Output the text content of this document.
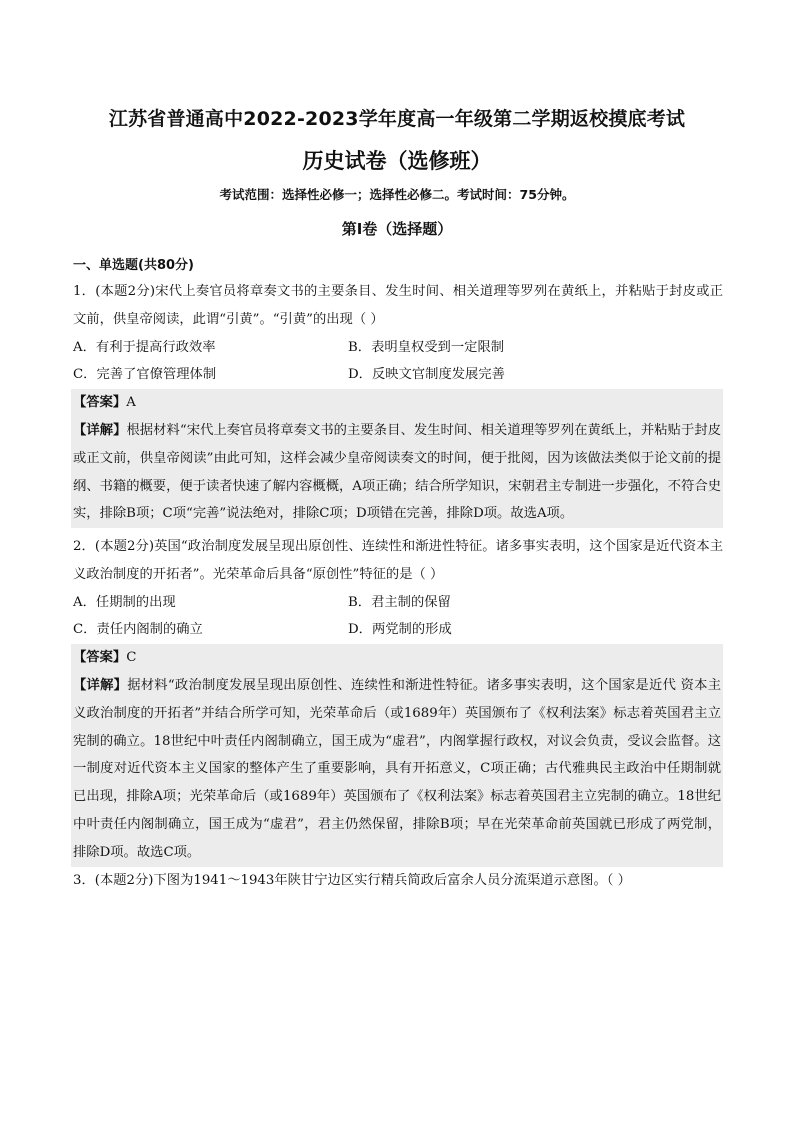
江苏省普通高中2022-2023学年度高一年级第二学期返校摸底考试
历史试卷（选修班）
考试范围：选择性必修一；选择性必修二。考试时间：75分钟。
第Ⅰ卷（选择题）
一、单选题(共80分)
1．(本题2分)宋代上奏官员将章奏文书的主要条目、发生时间、相关道理等罗列在黄纸上，并粘贴于封皮或正文前，供皇帝阅读，此谓“引黄”。“引黄”的出现（ ）
A．有利于提高行政效率	B．表明皇权受到一定限制
C．完善了官僚管理体制	D．反映文官制度发展完善
【答案】A
【详解】根据材料“宋代上奏官员将章奏文书的主要条目、发生时间、相关道理等罗列在黄纸上，并粘贴于封皮或正文前，供皇帝阅读”由此可知，这样会减少皇帝阅读奏文的时间，便于批阅，因为该做法类似于论文前的提纲、书籍的概要，便于读者快速了解内容概概，A项正确；结合所学知识，宋朝君主专制进一步强化，不符合史实，排除B项；C项“完善”说法绝对，排除C项；D项错在完善，排除D项。故选A项。
2．(本题2分)英国“政治制度发展呈现出原创性、连续性和渐进性特征。诸多事实表明，这个国家是近代资本主义政治制度的开拓者”。光荣革命后具备“原创性”特征的是（ ）
A．任期制的出现	B．君主制的保留
C．责任内阁制的确立	D．两党制的形成
【答案】C
【详解】据材料“政治制度发展呈现出原创性、连续性和渐进性特征。诸多事实表明，这个国家是近代 资本主义政治制度的开拓者”并结合所学可知，光荣革命后（或1689年）英国颁布了《权利法案》标志着英国君主立宪制的确立。18世纪中叶责任内阁制确立，国王成为“虚君”，内阁掌握行政权，对议会负责，受议会监督。这一制度对近代资本主义国家的整体产生了重要影响，具有开拓意义，C项正确；古代雅典民主政治中任期制就已出现，排除A项；光荣革命后（或1689年）英国颁布了《权利法案》标志着英国君主立宪制的确立。18世纪中叶责任内阁制确立，国王成为“虚君”，君主仍然保留，排除B项；早在光荣革命前英国就已形成了两党制，排除D项。故选C项。
3．(本题2分)下图为1941～1943年陕甘宁边区实行精兵简政后富余人员分流渠道示意图。（ ）
